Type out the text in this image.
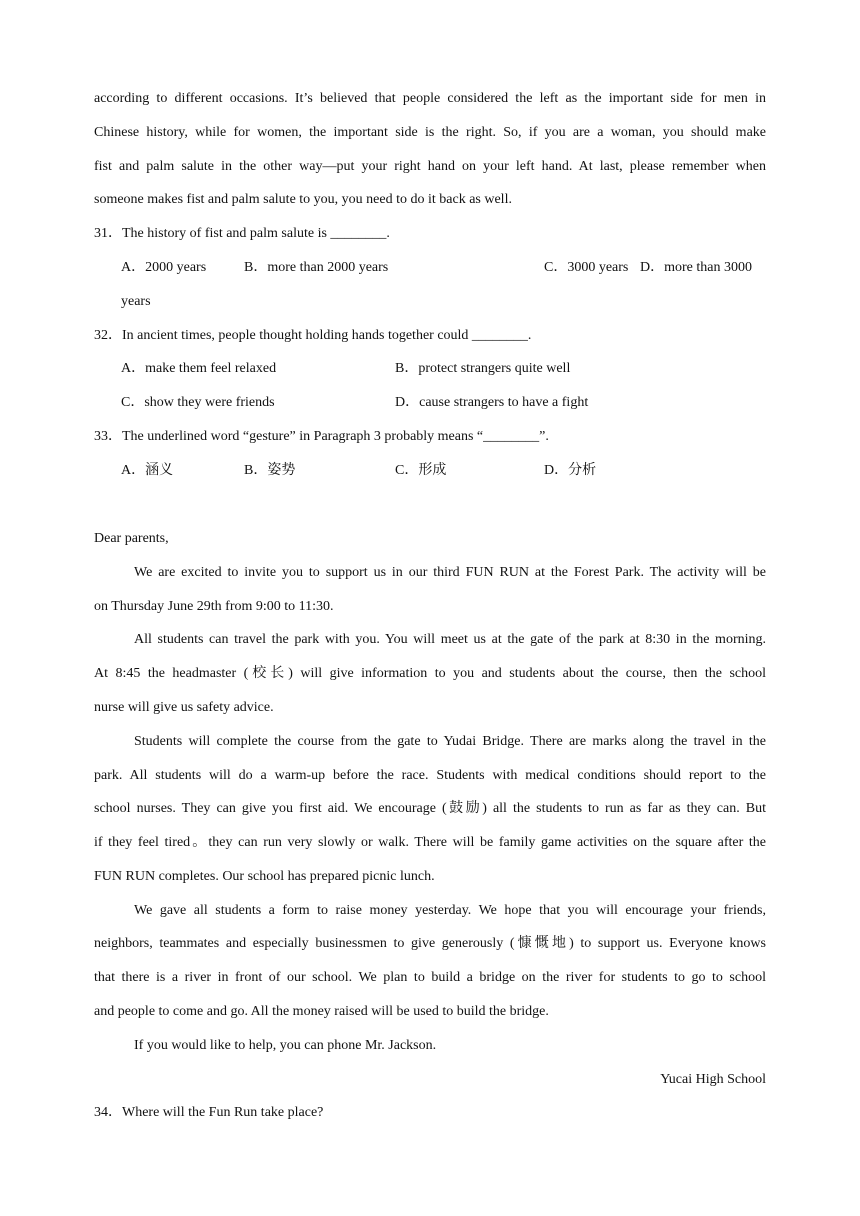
according to different occasions. It’s believed that people considered the left as the important side for men in
Chinese history, while for women, the important side is the right. So, if you are a woman, you should make
fist and palm salute in the other way—put your right hand on your left hand. At last, please remember when
someone makes fist and palm salute to you, you need to do it back as well.
31．The history of fist and palm salute is ________.
A．2000 years	B．more than 2000 years	C．3000 years D．more than 3000
years
32．In ancient times, people thought holding hands together could ________.
A．make them feel relaxed	B．protect strangers quite well
C．show they were friends	D．cause strangers to have a fight
33．The underlined word “gesture” in Paragraph 3 probably means “________”.
A．涵义	B．姿势	C．形成	D．分析
Dear parents,
We are excited to invite you to support us in our third FUN RUN at the Forest Park. The activity will be
on Thursday June 29th from 9:00 to 11:30.
All students can travel the park with you. You will meet us at the gate of the park at 8:30 in the morning.
At 8:45 the headmaster (校长) will give information to you and students about the course, then the school
nurse will give us safety advice.
Students will complete the course from the gate to Yudai Bridge. There are marks along the travel in the
park. All students will do a warm-up before the race. Students with medical conditions should report to the
school nurses. They can give you first aid. We encourage (鼓励) all the students to run as far as they can. But
if they feel tired。they can run very slowly or walk. There will be family game activities on the square after the
FUN RUN completes. Our school has prepared picnic lunch.
We gave all students a form to raise money yesterday. We hope that you will encourage your friends,
neighbors, teammates and especially businessmen to give generously (慷慨地) to support us. Everyone knows
that there is a river in front of our school. We plan to build a bridge on the river for students to go to school
and people to come and go. All the money raised will be used to build the bridge.
If you would like to help, you can phone Mr. Jackson.
Yucai High School
34．Where will the Fun Run take place?
